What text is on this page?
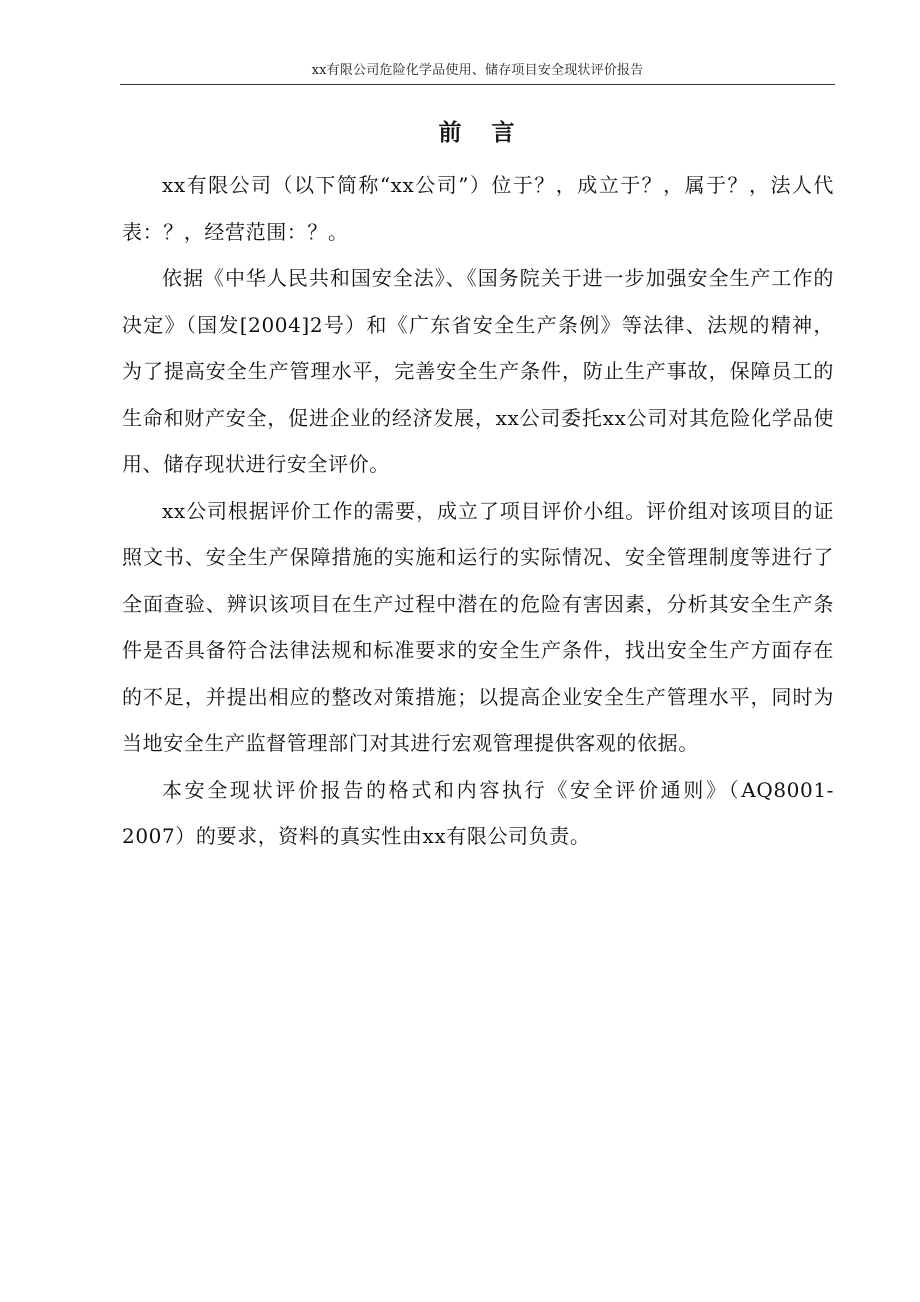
xx有限公司危险化学品使用、储存项目安全现状评价报告
前 言

xx有限公司（以下简称“xx公司”）位于？，成立于？，属于？，法人代表：？，经营范围：？。

依据《中华人民共和国安全法》、《国务院关于进一步加强安全生产工作的决定》（国发[2004]2号）和《广东省安全生产条例》等法律、法规的精神，为了提高安全生产管理水平，完善安全生产条件，防止生产事故，保障员工的生命和财产安全，促进企业的经济发展，xx公司委托xx公司对其危险化学品使用、储存现状进行安全评价。

xx公司根据评价工作的需要，成立了项目评价小组。评价组对该项目的证照文书、安全生产保障措施的实施和运行的实际情况、安全管理制度等进行了全面查验、辨识该项目在生产过程中潜在的危险有害因素，分析其安全生产条件是否具备符合法律法规和标准要求的安全生产条件，找出安全生产方面存在的不足，并提出相应的整改对策措施；以提高企业安全生产管理水平，同时为当地安全生产监督管理部门对其进行宏观管理提供客观的依据。

本安全现状评价报告的格式和内容执行《安全评价通则》（AQ8001-2007）的要求，资料的真实性由xx有限公司负责。
